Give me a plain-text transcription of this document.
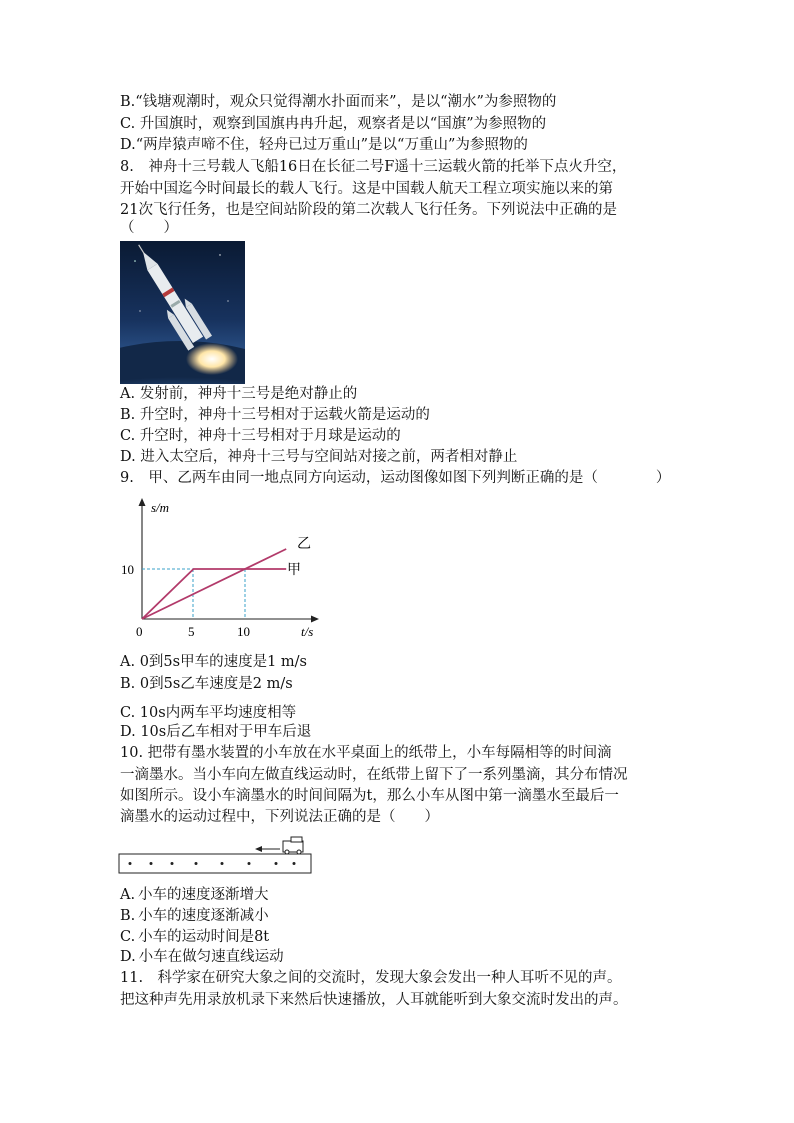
B.“钱塘观潮时，观众只觉得潮水扑面而来”，是以“潮水”为参照物的
C. 升国旗时，观察到国旗冉冉升起，观察者是以“国旗”为参照物的
D.“两岸猿声啼不住，轻舟已过万重山”是以“万重山”为参照物的
8.　神舟十三号载人飞船16日在长征二号F遥十三运载火箭的托举下点火升空，
开始中国迄今时间最长的载人飞行。这是中国载人航天工程立项实施以来的第
21次飞行任务，也是空间站阶段的第二次载人飞行任务。下列说法中正确的是
（　　）
A. 发射前，神舟十三号是绝对静止的
B. 升空时，神舟十三号相对于运载火箭是运动的
C. 升空时，神舟十三号相对于月球是运动的
D. 进入太空后，神舟十三号与空间站对接之前，两者相对静止
9.　甲、乙两车由同一地点同方向运动，运动图像如图下列判断正确的是（　　　　）
s/m
t/s
0	5	10
10
乙
甲
A. 0到5s甲车的速度是1 m/s
B. 0到5s乙车速度是2 m/s
C. 10s内两车平均速度相等
D. 10s后乙车相对于甲车后退
10. 把带有墨水装置的小车放在水平桌面上的纸带上，小车每隔相等的时间滴
一滴墨水。当小车向左做直线运动时，在纸带上留下了一系列墨滴，其分布情况
如图所示。设小车滴墨水的时间间隔为t，那么小车从图中第一滴墨水至最后一
滴墨水的运动过程中，下列说法正确的是（　　）
A. 小车的速度逐渐增大
B. 小车的速度逐渐减小
C. 小车的运动时间是8t
D. 小车在做匀速直线运动
11.　科学家在研究大象之间的交流时，发现大象会发出一种人耳听不见的声。
把这种声先用录放机录下来然后快速播放，人耳就能听到大象交流时发出的声。
